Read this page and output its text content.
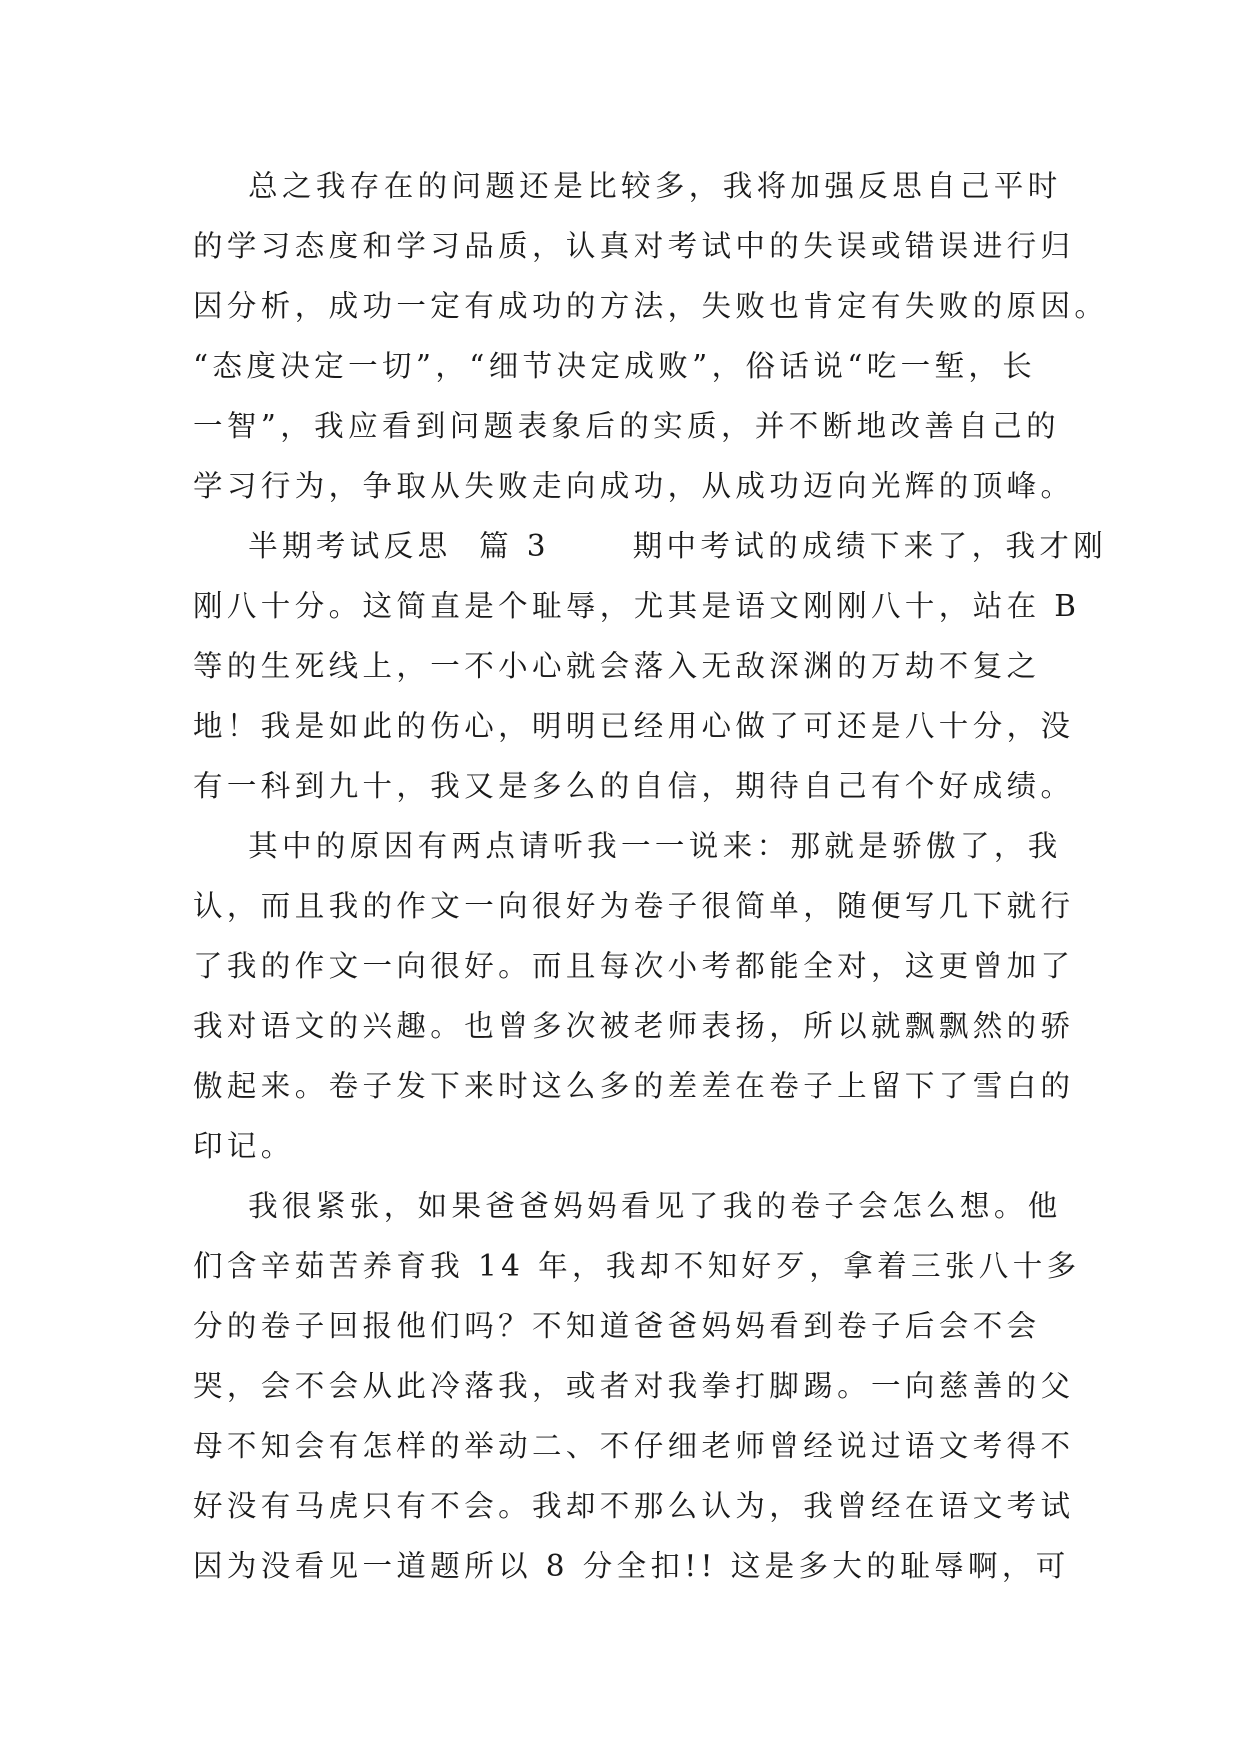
总之我存在的问题还是比较多，我将加强反思自己平时
的学习态度和学习品质，认真对考试中的失误或错误进行归
因分析，成功一定有成功的方法，失败也肯定有失败的原因。
“态度决定一切”，“细节决定成败”，俗话说“吃一堑，长
一智”，我应看到问题表象后的实质，并不断地改善自己的
学习行为，争取从失败走向成功，从成功迈向光辉的顶峰。
半期考试反思  篇 3      期中考试的成绩下来了，我才刚
刚八十分。这简直是个耻辱，尤其是语文刚刚八十，站在 B
等的生死线上，一不小心就会落入无敌深渊的万劫不复之
地！我是如此的伤心，明明已经用心做了可还是八十分，没
有一科到九十，我又是多么的自信，期待自己有个好成绩。
其中的原因有两点请听我一一说来：那就是骄傲了，我
认，而且我的作文一向很好为卷子很简单，随便写几下就行
了我的作文一向很好。而且每次小考都能全对，这更曾加了
我对语文的兴趣。也曾多次被老师表扬，所以就飘飘然的骄
傲起来。卷子发下来时这么多的差差在卷子上留下了雪白的
印记。
我很紧张，如果爸爸妈妈看见了我的卷子会怎么想。他
们含辛茹苦养育我 14 年，我却不知好歹，拿着三张八十多
分的卷子回报他们吗？不知道爸爸妈妈看到卷子后会不会
哭，会不会从此冷落我，或者对我拳打脚踢。一向慈善的父
母不知会有怎样的举动二、不仔细老师曾经说过语文考得不
好没有马虎只有不会。我却不那么认为，我曾经在语文考试
因为没看见一道题所以 8 分全扣!! 这是多大的耻辱啊，可
